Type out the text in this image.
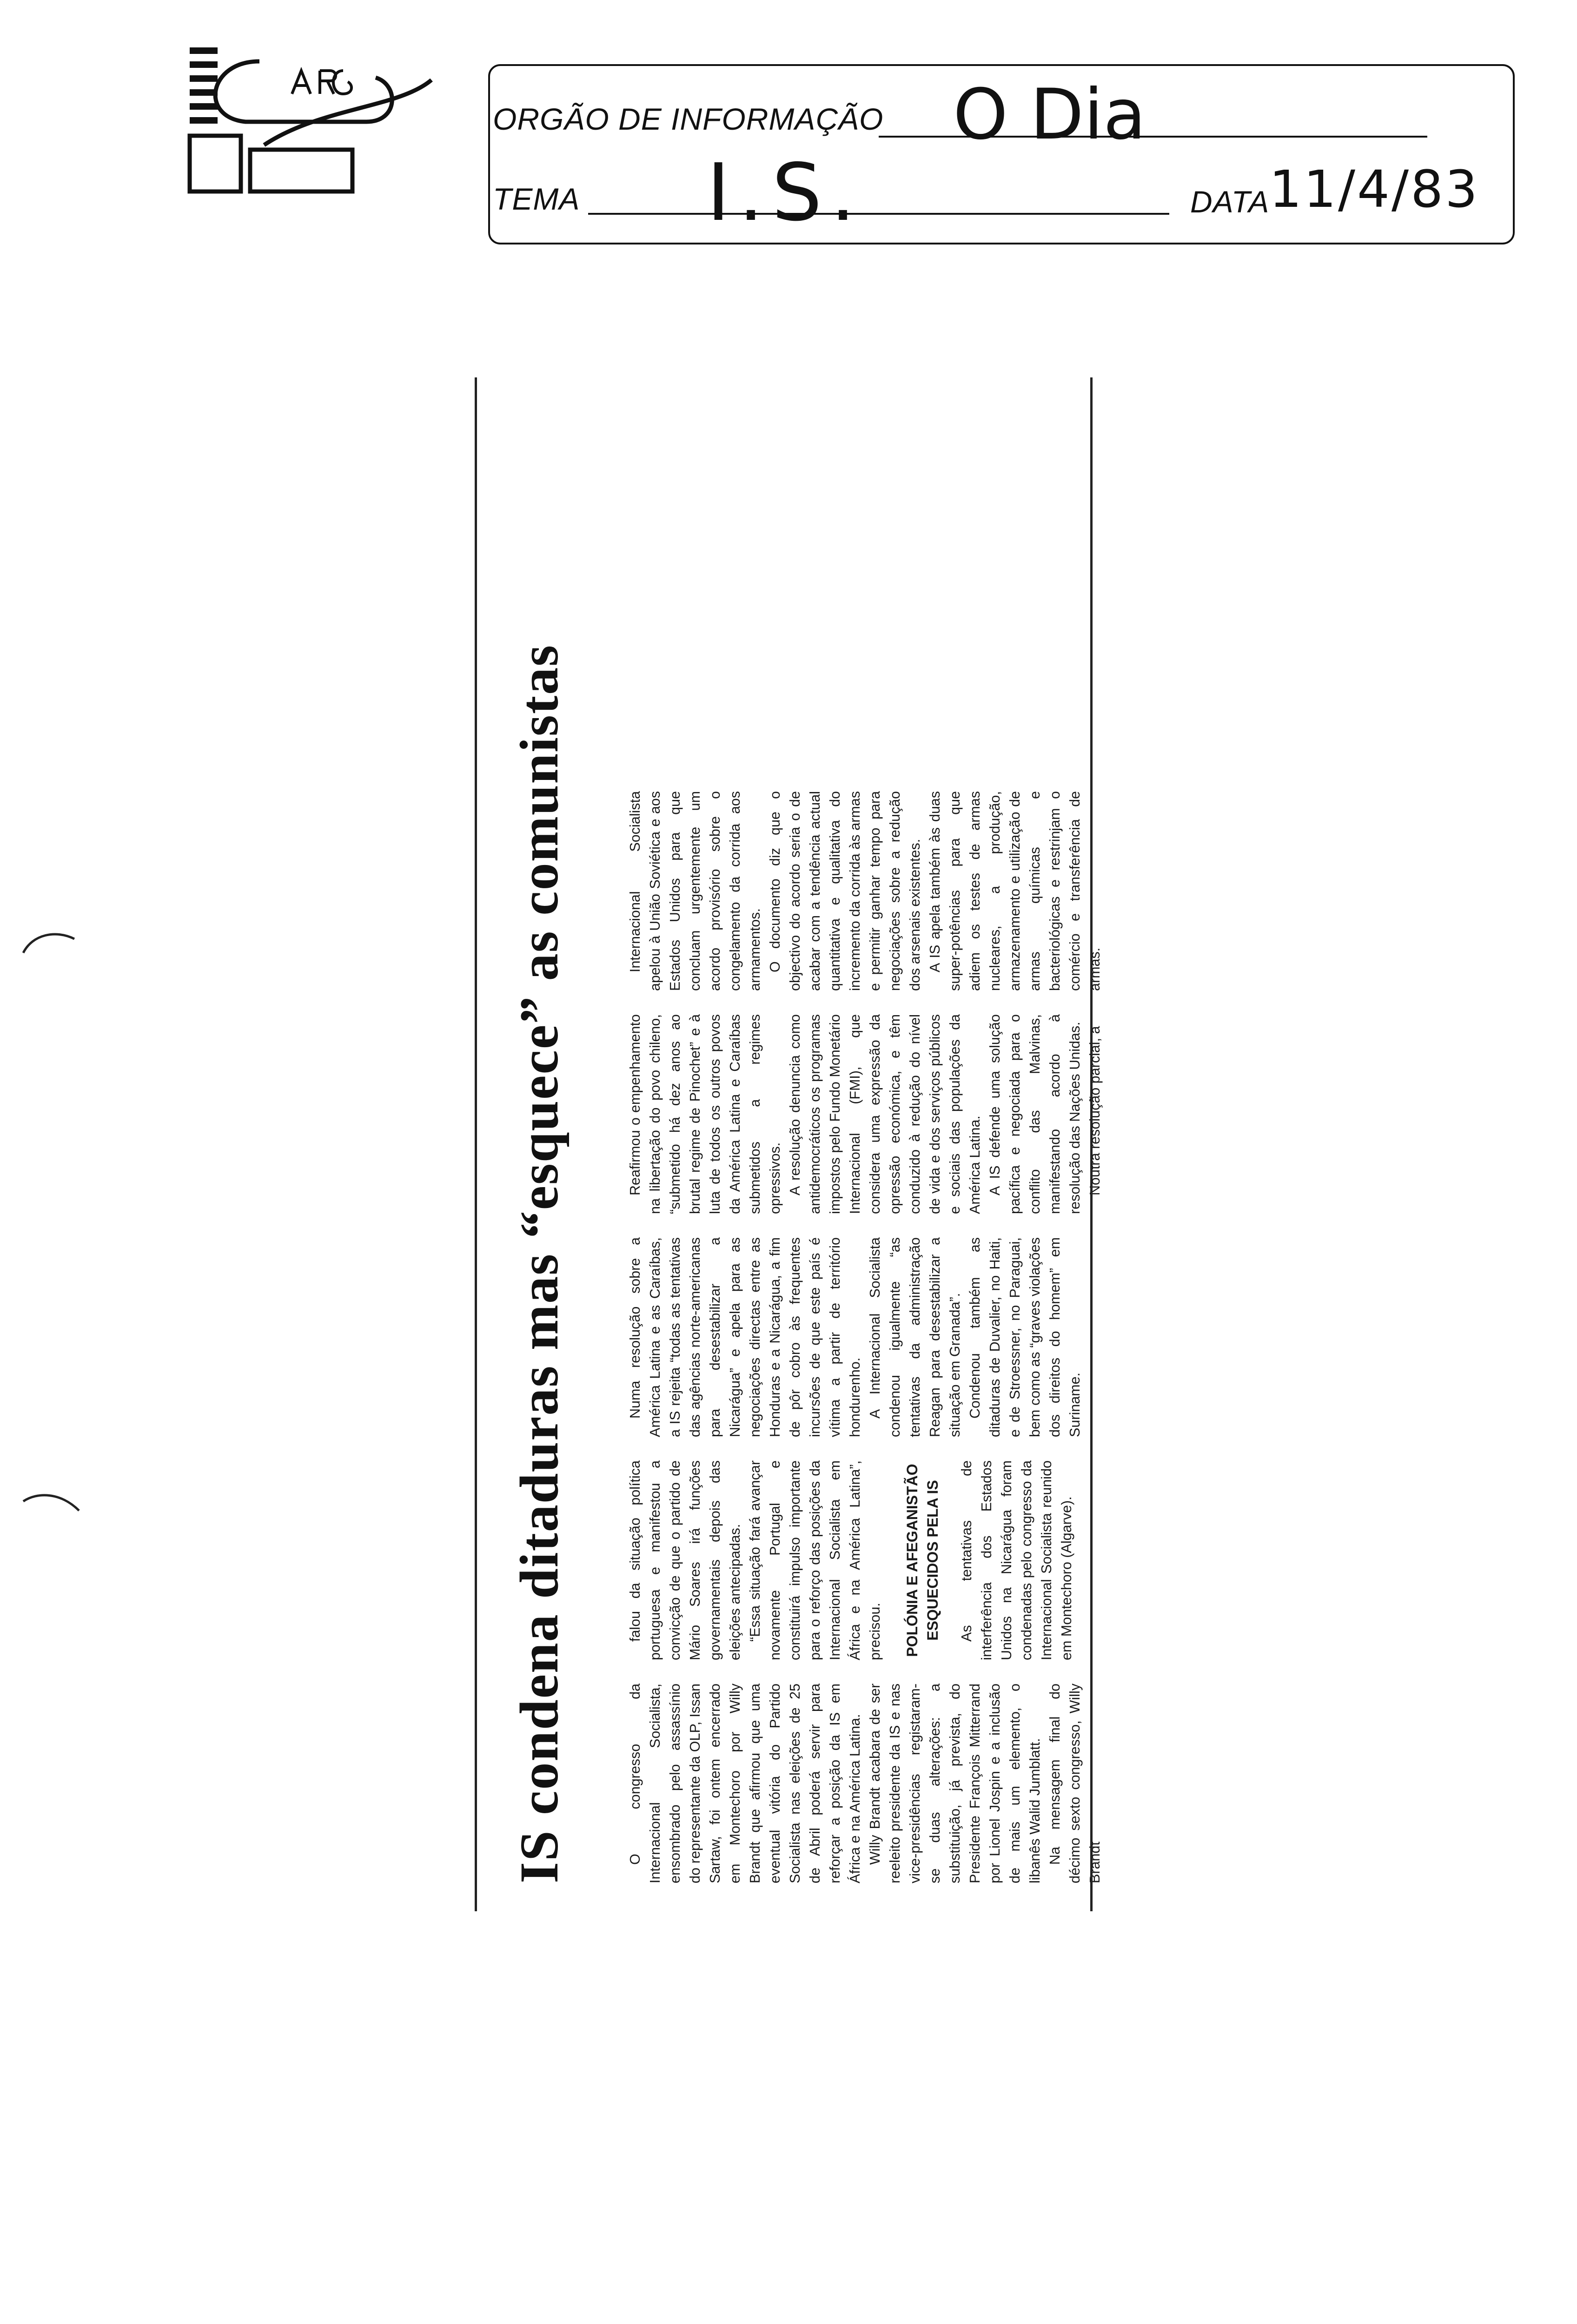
ORGÃO DE INFORMAÇÃO O Dia
TEMA I.S.	DATA 11/4/83
IS condena ditaduras mas “esquece” as comunistas	O congresso da Internacional Socialista, ensombrado pelo assassínio do representante da OLP, Issan Sartaw, foi ontem encerrado em Montechoro por Willy Brandt que afirmou que uma eventual vitória do Partido Socialista nas eleições de 25 de Abril poderá servir para reforçar a posição da IS em África e na América Latina. Willy Brandt acabara de ser reeleito presidente da IS e nas vice-presidências registaram-se duas alterações: a substituição, já prevista, do Presidente François Mitterrand por Lionel Jospin e a inclusão de mais um elemento, o libanês Walid Jumblatt. Na mensagem final do décimo sexto congresso, Willy Brandt

falou da situação política portuguesa e manifestou a convicção de que o partido de Mário Soares irá funções governamentais depois das eleições antecipadas. “Essa situação fará avançar novamente Portugal e constituirá impulso importante para o reforço das posições da Internacional Socialista em África e na América Latina”, precisou. POLÓNIA E AFEGANISTÃO ESQUECIDOS PELA IS As tentativas de interferência dos Estados Unidos na Nicarágua foram condenadas pelo congresso da Internacional Socialista reunido em Montechoro (Algarve).

Numa resolução sobre a América Latina e as Caraíbas, a IS rejeita “todas as tentativas das agências norte-americanas para desestabilizar a Nicarágua” e apela para as negociações directas entre as Honduras e a Nicarágua, a fim de pôr cobro às frequentes incursões de que este país é vítima a partir de território hondurenho. A Internacional Socialista condenou igualmente “as tentativas da administração Reagan para desestabilizar a situação em Granada”. Condenou também as ditaduras de Duvalier, no Haiti, e de Stroessner, no Paraguai, bem como as “graves violações dos direitos do homem” em Suriname.

Reafirmou o empenhamento na libertação do povo chileno, “submetido há dez anos ao brutal regime de Pinochet” e à luta de todos os outros povos da América Latina e Caraíbas submetidos a regimes opressivos. A resolução denuncia como antidemocráticos os programas impostos pelo Fundo Monetário Internacional (FMI), que considera uma expressão da opressão económica, e têm conduzido à redução do nível de vida e dos serviços públicos e sociais das populações da América Latina. A IS defende uma solução pacífica e negociada para o conflito das Malvinas, manifestando acordo à resolução das Nações Unidas. Noutra resolução parcial, a

Internacional Socialista apelou à União Soviética e aos Estados Unidos para que concluam urgentemente um acordo provisório sobre o congelamento da corrida aos armamentos. O documento diz que o objectivo do acordo seria o de acabar com a tendência actual quantitativa e qualitativa do incremento da corrida às armas e permitir ganhar tempo para negociações sobre a redução dos arsenais existentes. A IS apela também às duas super-potências para que adiem os testes de armas nucleares, a produção, armazenamento e utilização de armas químicas e bacteriológicas e restrinjam o comércio e transferência de armas.
